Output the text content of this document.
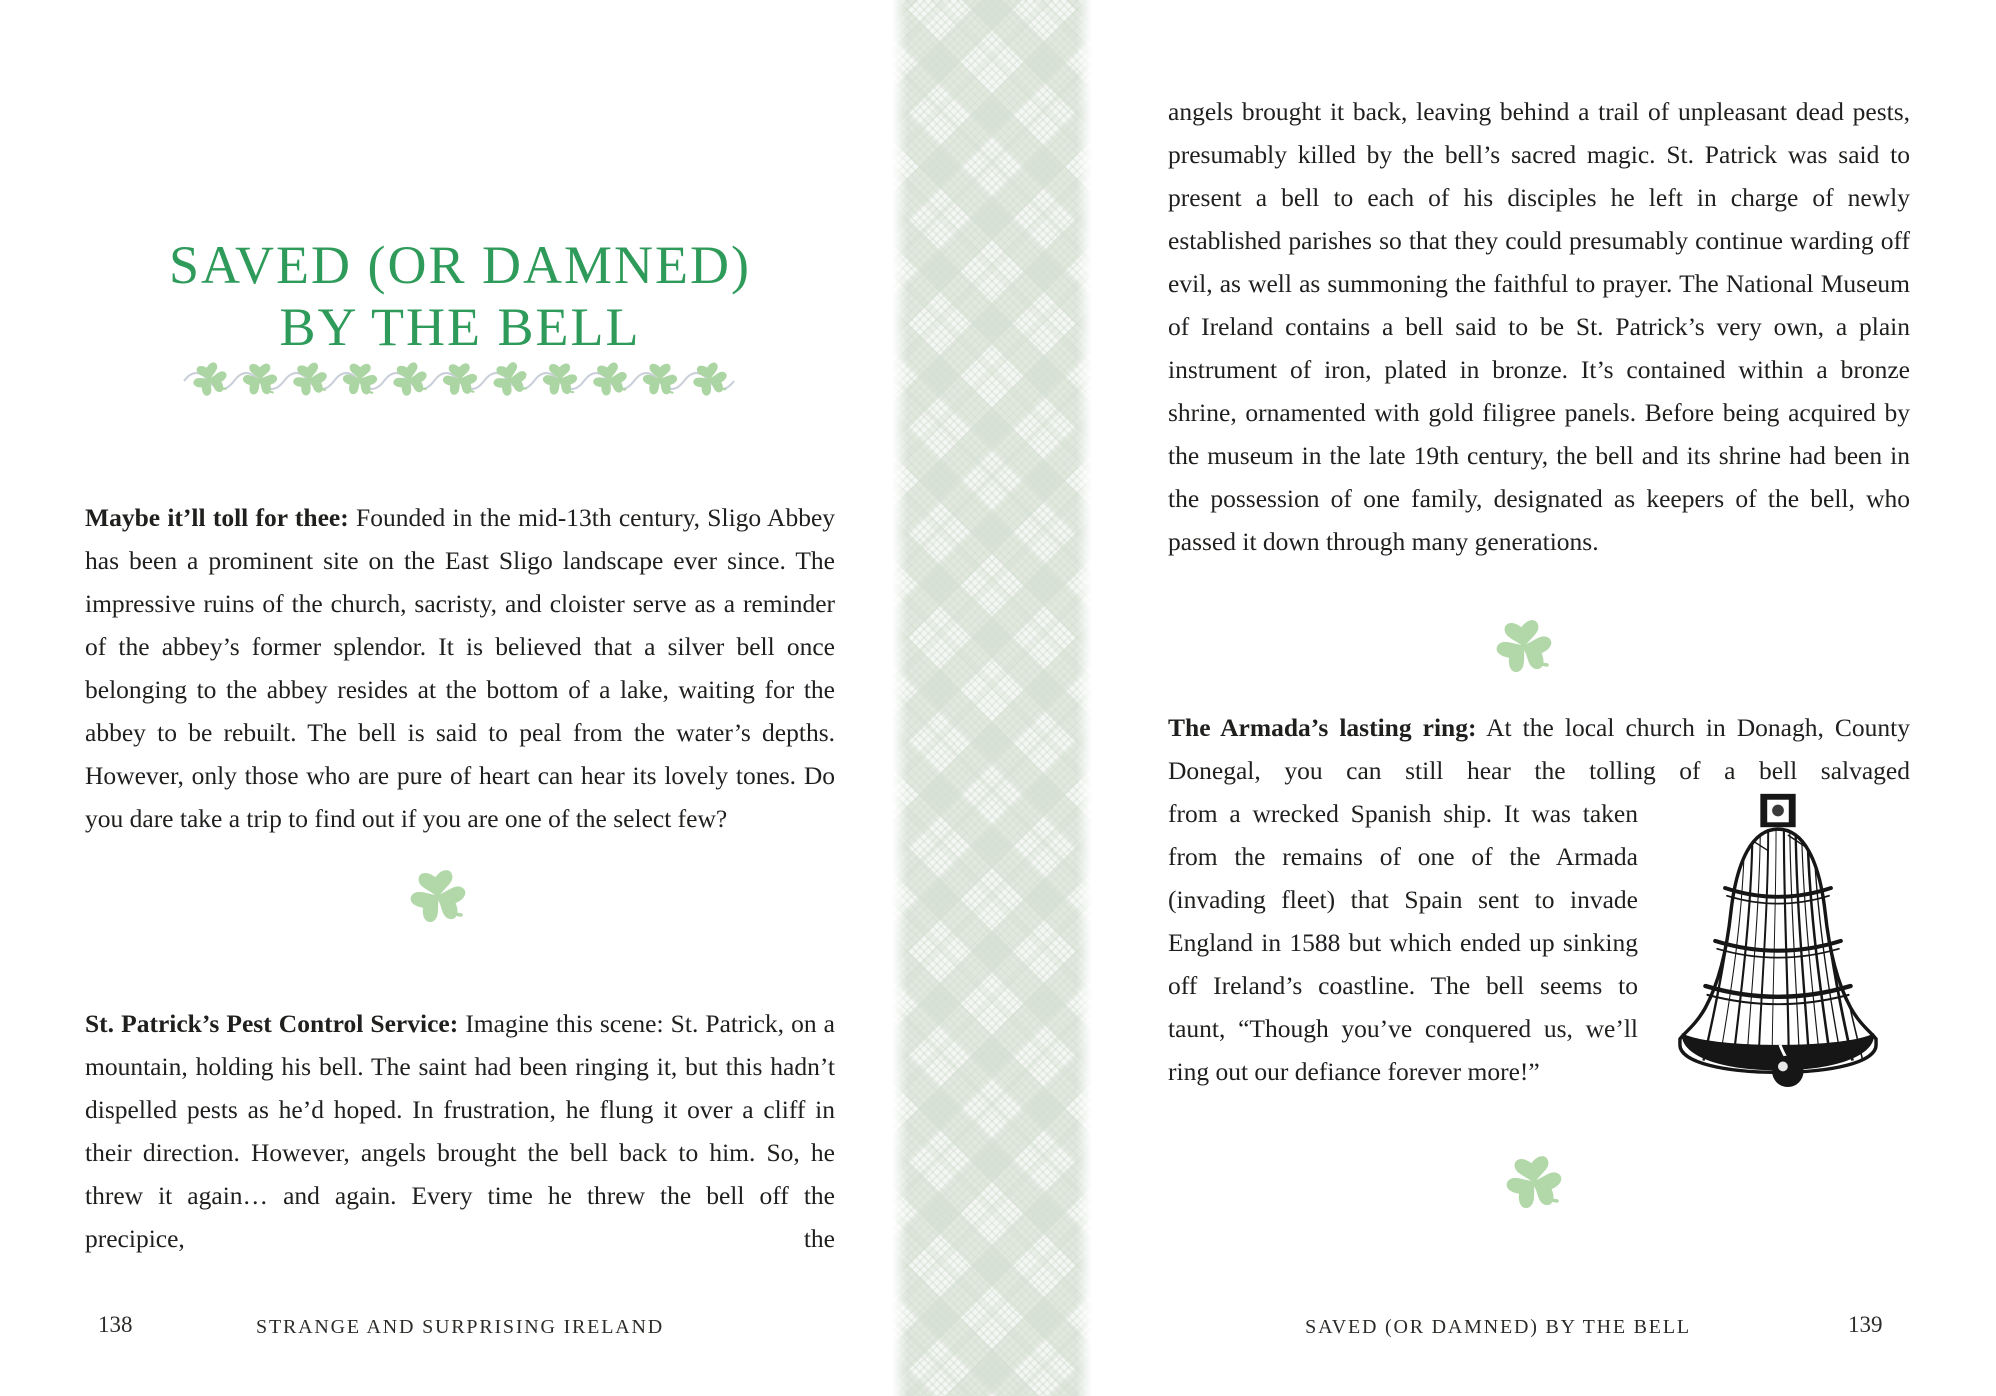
SAVED (OR DAMNED)
BY THE BELL

Maybe it’ll toll for thee: Founded in the mid-13th century, Sligo Abbey has been a prominent site on the East Sligo landscape ever since. The impressive ruins of the church, sacristy, and cloister serve as a reminder of the abbey’s former splendor. It is believed that a silver bell once belonging to the abbey resides at the bottom of a lake, waiting for the abbey to be rebuilt. The bell is said to peal from the water’s depths. However, only those who are pure of heart can hear its lovely tones. Do you dare take a trip to find out if you are one of the select few?

St. Patrick’s Pest Control Service: Imagine this scene: St. Patrick, on a mountain, holding his bell. The saint had been ringing it, but this hadn’t dispelled pests as he’d hoped. In frustration, he flung it over a cliff in their direction. However, angels brought the bell back to him. So, he threw it again… and again. Every time he threw the bell off the precipice, the

138	STRANGE AND SURPRISING IRELAND

angels brought it back, leaving behind a trail of unpleasant dead pests, presumably killed by the bell’s sacred magic. St. Patrick was said to present a bell to each of his disciples he left in charge of newly established parishes so that they could presumably continue warding off evil, as well as summoning the faithful to prayer. The National Museum of Ireland contains a bell said to be St. Patrick’s very own, a plain instrument of iron, plated in bronze. It’s contained within a bronze shrine, ornamented with gold filigree panels. Before being acquired by the museum in the late 19th century, the bell and its shrine had been in the possession of one family, designated as keepers of the bell, who passed it down through many generations.

The Armada’s lasting ring: At the local church in Donagh, County Donegal, you can still hear the tolling of a bell salvaged

from a wrecked Spanish ship. It was taken from the remains of one of the Armada (invading fleet) that Spain sent to invade England in 1588 but which ended up sinking off Ireland’s coastline. The bell seems to taunt, “Though you’ve conquered us, we’ll ring out our defiance forever more!”

SAVED (OR DAMNED) BY THE BELL	139
